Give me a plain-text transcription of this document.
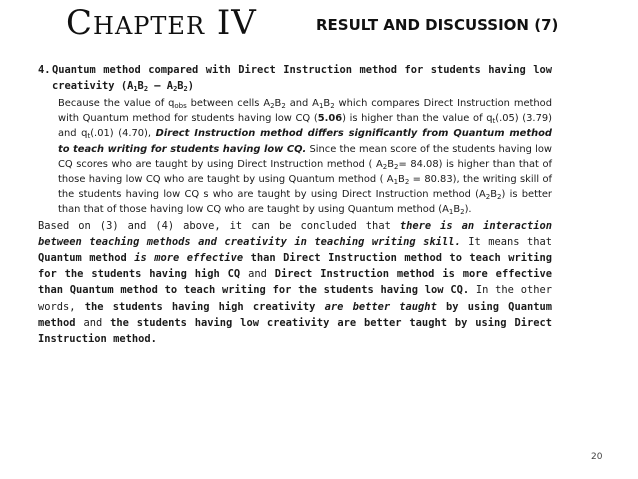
Chapter IV	RESULT AND DISCUSSION (7)
4.Quantum method compared with Direct Instruction method for students having low creativity $(A_1B_2 - A_2B_2)$

Because the value of $q_{obs}$ between cells $A_2B_2$ and $A_1B_2$ which compares Direct Instruction method with Quantum method for students having low CQ (5.06) is higher than the value of $q_t(.05)$ (3.79) and $q_t(.01)$ (4.70), Direct Instruction method differs significantly from Quantum method to teach writing for students having low CQ. Since the mean score of the students having low CQ scores who are taught by using Direct Instruction method ( $A_2B_2= 84.08$) is higher than that of those having low CQ who are taught by using Quantum method ( $A_1B_2 = 80.83$), the writing skill of the students having low CQ s who are taught by using Direct Instruction method $(A_2B_2)$ is better than that of those having low CQ who are taught by using Quantum method $(A_1B_2)$.

Based on (3) and (4) above, it can be concluded that there is an interaction between teaching methods and creativity in teaching writing skill. It means that Quantum method is more effective than Direct Instruction method to teach writing for the students having high CQ and Direct Instruction method is more effective than Quantum method to teach writing for the students having low CQ. In the other words, the students having high creativity are better taught by using Quantum method and the students having low creativity are better taught by using Direct Instruction method.

20
